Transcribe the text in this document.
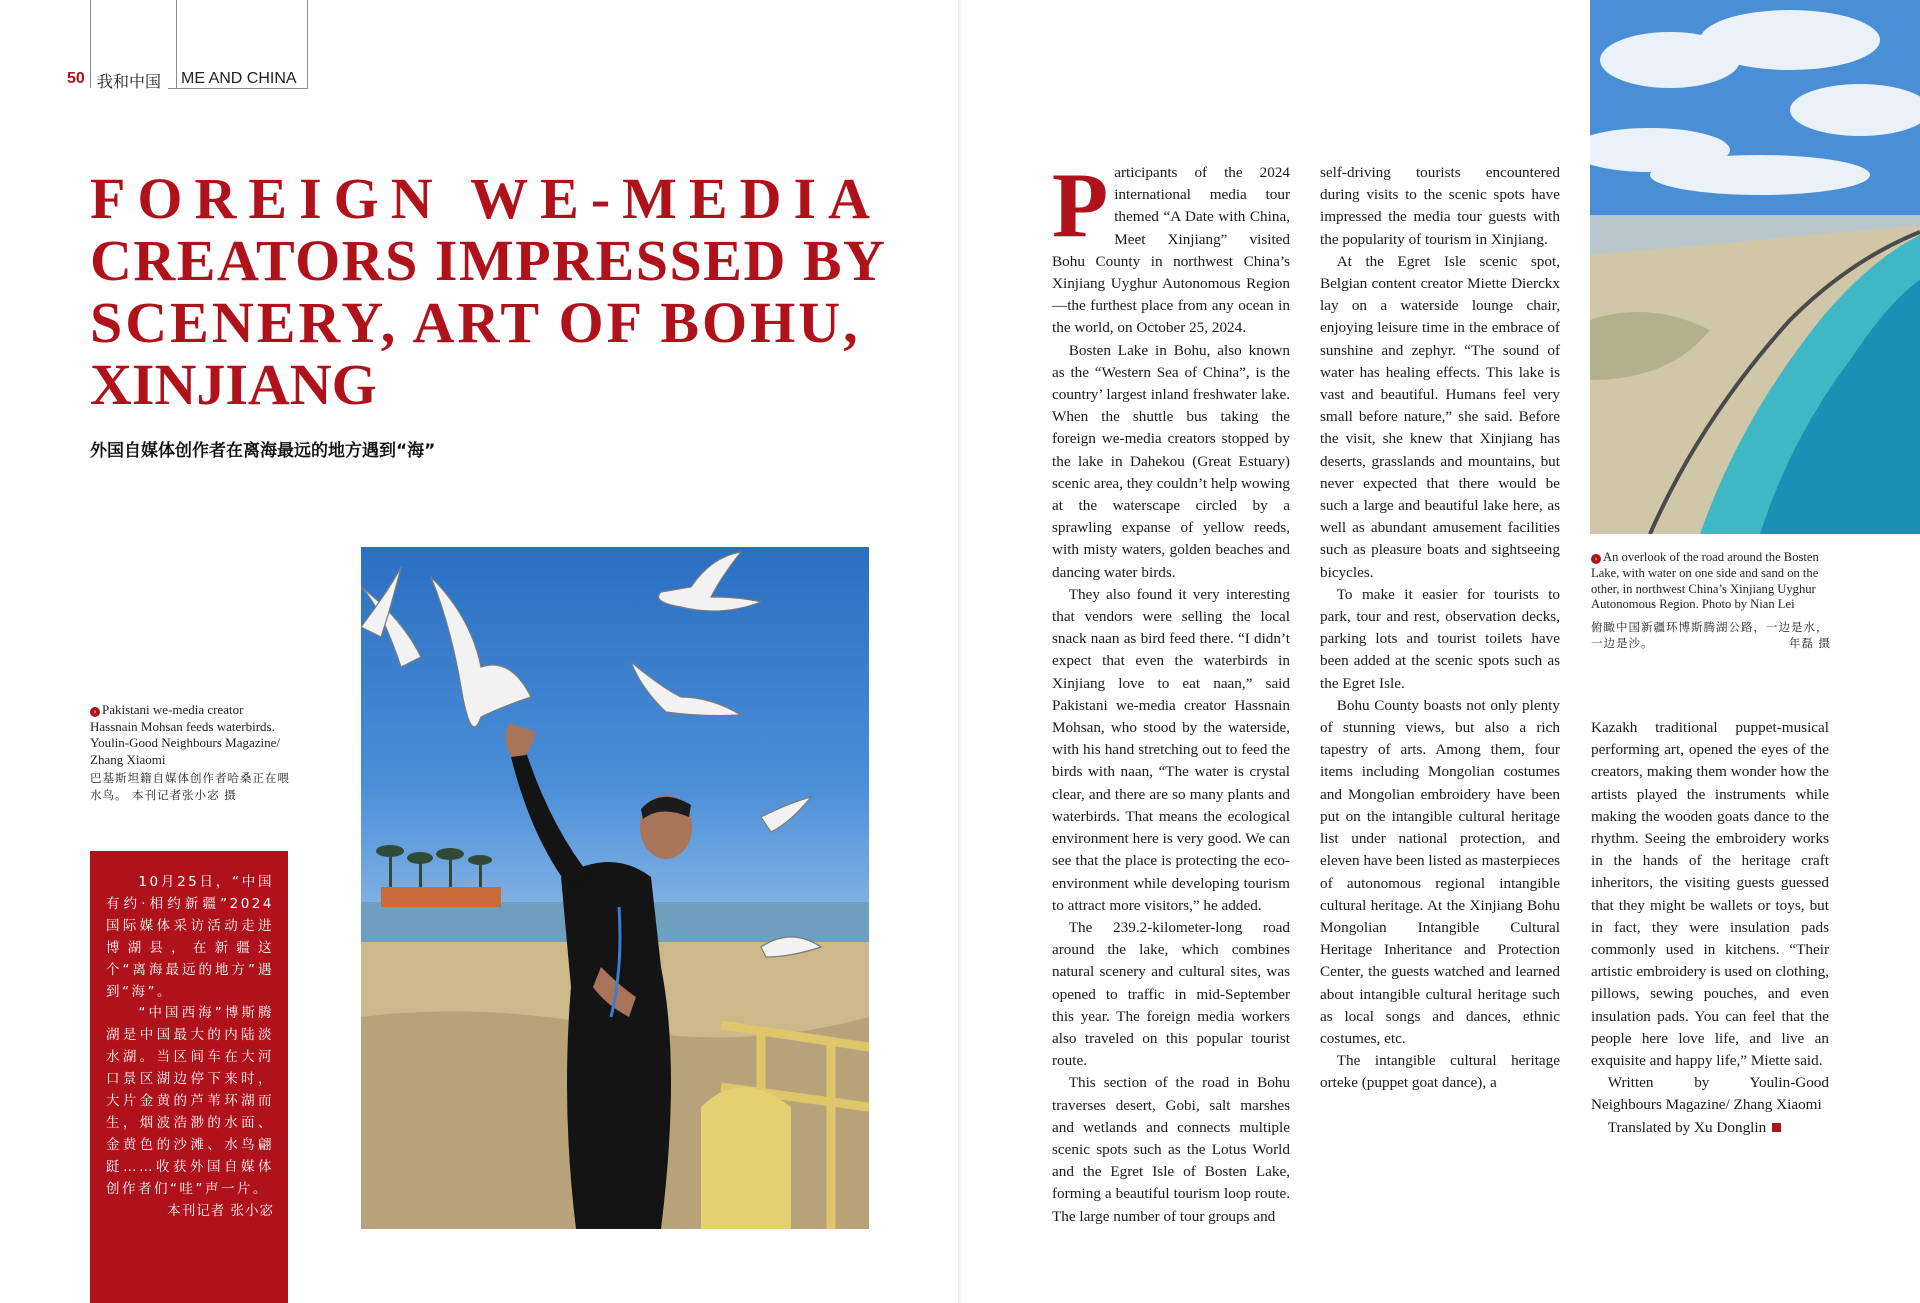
50 我和中国 ME AND CHINA
FOREIGN WE-MEDIA
CREATORS IMPRESSED BY
SCENERY, ART OF BOHU,
XINJIANG
外国自媒体创作者在离海最远的地方遇到“海”
› Pakistani we-media creator Hassnain Mohsan feeds waterbirds. Youlin-Good Neighbours Magazine/ Zhang Xiaomi
巴基斯坦籍自媒体创作者哈桑正在喂水鸟。 本刊记者张小宓 摄

10月25日，“中国有约·相约新疆”2024国际媒体采访活动走进博湖县，在新疆这个“离海最远的地方”遇到“海”。

“中国西海”博斯腾湖是中国最大的内陆淡水湖。当区间车在大河口景区湖边停下来时，大片金黄的芦苇环湖而生，烟波浩渺的水面、金黄色的沙滩、水鸟翩跹……收获外国自媒体创作者们“哇”声一片。

本刊记者 张小宓

Participants of the 2024 international media tour themed “A Date with China, Meet Xinjiang” visited Bohu County in northwest China’s Xinjiang Uyghur Autonomous Region—the furthest place from any ocean in the world, on October 25, 2024.

Bosten Lake in Bohu, also known as the “Western Sea of China”, is the country’ largest inland freshwater lake. When the shuttle bus taking the foreign we-media creators stopped by the lake in Dahekou (Great Estuary) scenic area, they couldn’t help wowing at the waterscape circled by a sprawling expanse of yellow reeds, with misty waters, golden beaches and dancing water birds.

They also found it very interesting that vendors were selling the local snack naan as bird feed there. “I didn’t expect that even the waterbirds in Xinjiang love to eat naan,” said Pakistani we-media creator Hassnain Mohsan, who stood by the waterside, with his hand stretching out to feed the birds with naan, “The water is crystal clear, and there are so many plants and waterbirds. That means the ecological environment here is very good. We can see that the place is protecting the eco-environment while developing tourism to attract more visitors,” he added.

The 239.2-kilometer-long road around the lake, which combines natural scenery and cultural sites, was opened to traffic in mid-September this year. The foreign media workers also traveled on this popular tourist route.

This section of the road in Bohu traverses desert, Gobi, salt marshes and wetlands and connects multiple scenic spots such as the Lotus World and the Egret Isle of Bosten Lake, forming a beautiful tourism loop route. The large number of tour groups and

self-driving tourists encountered during visits to the scenic spots have impressed the media tour guests with the popularity of tourism in Xinjiang.

At the Egret Isle scenic spot, Belgian content creator Miette Dierckx lay on a waterside lounge chair, enjoying leisure time in the embrace of sunshine and zephyr. “The sound of water has healing effects. This lake is vast and beautiful. Humans feel very small before nature,” she said. Before the visit, she knew that Xinjiang has deserts, grasslands and mountains, but never expected that there would be such a large and beautiful lake here, as well as abundant amusement facilities such as pleasure boats and sightseeing bicycles.

To make it easier for tourists to park, tour and rest, observation decks, parking lots and tourist toilets have been added at the scenic spots such as the Egret Isle.

Bohu County boasts not only plenty of stunning views, but also a rich tapestry of arts. Among them, four items including Mongolian costumes and Mongolian embroidery have been put on the intangible cultural heritage list under national protection, and eleven have been listed as masterpieces of autonomous regional intangible cultural heritage. At the Xinjiang Bohu Mongolian Intangible Cultural Heritage Inheritance and Protection Center, the guests watched and learned about intangible cultural heritage such as local songs and dances, ethnic costumes, etc.

The intangible cultural heritage orteke (puppet goat dance), a

Kazakh traditional puppet-musical performing art, opened the eyes of the creators, making them wonder how the artists played the instruments while making the wooden goats dance to the rhythm. Seeing the embroidery works in the hands of the heritage craft inheritors, the visiting guests guessed that they might be wallets or toys, but in fact, they were insulation pads commonly used in kitchens. “Their artistic embroidery is used on clothing, pillows, sewing pouches, and even insulation pads. You can feel that the people here love life, and live an exquisite and happy life,” Miette said.

Written by Youlin-Good Neighbours Magazine/ Zhang Xiaomi

Translated by Xu Donglin

› An overlook of the road around the Bosten Lake, with water on one side and sand on the other, in northwest China’s Xinjiang Uyghur Autonomous Region. Photo by Nian Lei
俯瞰中国新疆环博斯腾湖公路，一边是水，一边是沙。	年磊 摄
